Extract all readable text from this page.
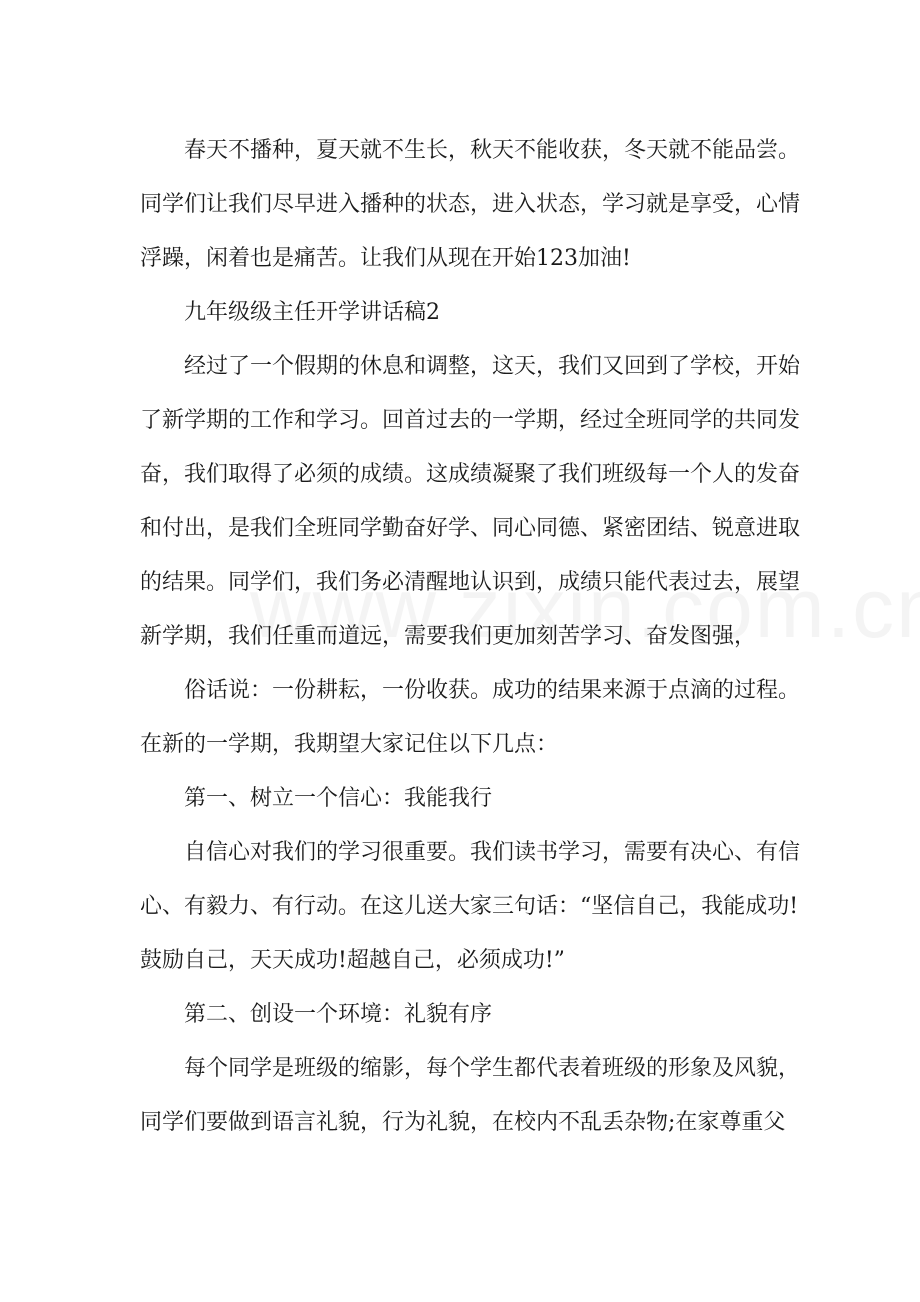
春天不播种，夏天就不生长，秋天不能收获，冬天就不能品尝。
同学们让我们尽早进入播种的状态，进入状态，学习就是享受，心情
浮躁，闲着也是痛苦。让我们从现在开始123加油!

九年级级主任开学讲话稿2

经过了一个假期的休息和调整，这天，我们又回到了学校，开始
了新学期的工作和学习。回首过去的一学期，经过全班同学的共同发
奋，我们取得了必须的成绩。这成绩凝聚了我们班级每一个人的发奋
和付出，是我们全班同学勤奋好学、同心同德、紧密团结、锐意进取
的结果。同学们，我们务必清醒地认识到，成绩只能代表过去，展望
新学期，我们任重而道远，需要我们更加刻苦学习、奋发图强，

俗话说：一份耕耘，一份收获。成功的结果来源于点滴的过程。
在新的一学期，我期望大家记住以下几点：

第一、树立一个信心：我能我行

自信心对我们的学习很重要。我们读书学习，需要有决心、有信
心、有毅力、有行动。在这儿送大家三句话：“坚信自己，我能成功!
鼓励自己，天天成功!超越自己，必须成功!”

第二、创设一个环境：礼貌有序

每个同学是班级的缩影，每个学生都代表着班级的形象及风貌，
同学们要做到语言礼貌，行为礼貌，在校内不乱丢杂物;在家尊重父
